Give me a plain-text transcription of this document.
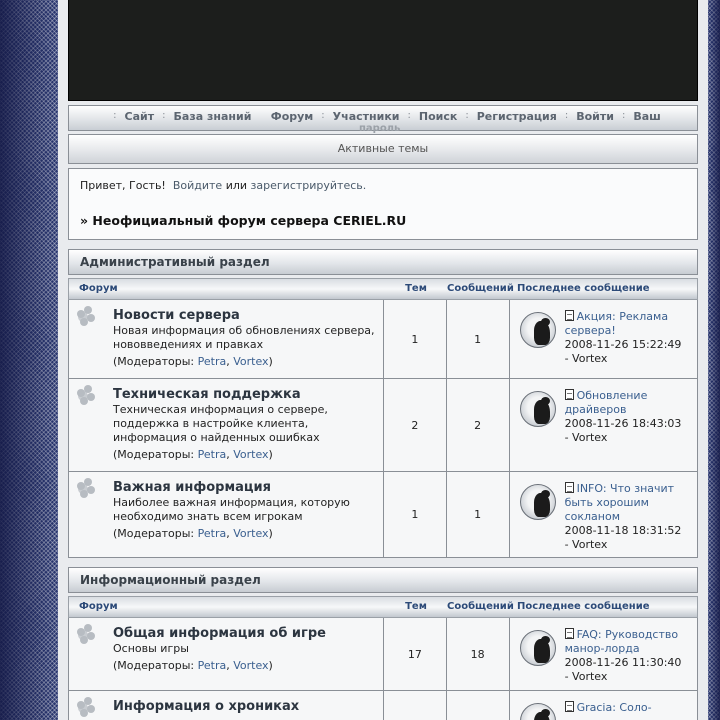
: Сайт : База знаний Форум : Участники : Поиск : Регистрация : Войти : Ваш
пароль
Активные темы
Привет, Гость! Войдите или зарегистрируйтесь.
» Неофициальный форум сервера CERIEL.RU
Административный раздел
Форум	Тем	Сообщений Последнее сообщение
Новости сервера
Новая информация об обновлениях сервера, нововведениях и правках
(Модераторы: Petra, Vortex)
1	1
Акция: Реклама сервера!
2008-11-26 15:22:49
- Vortex
Техническая поддержка
Техническая информация о сервере, поддержка в настройке клиента, информация о найденных ошибках
(Модераторы: Petra, Vortex)
2	2
Обновление драйверов
2008-11-26 18:43:03
- Vortex
Важная информация
Наиболее важная информация, которую необходимо знать всем игрокам
(Модераторы: Petra, Vortex)
1	1
INFO: Что значит быть хорошим сокланом
2008-11-18 18:31:52
- Vortex
Информационный раздел
Форум	Тем	Сообщений Последнее сообщение
Общая информация об игре
Основы игры
(Модераторы: Petra, Vortex)
17	18
FAQ: Руководство манор-лорда
2008-11-26 11:30:40
- Vortex
Информация о хрониках	Gracia: Соло-
